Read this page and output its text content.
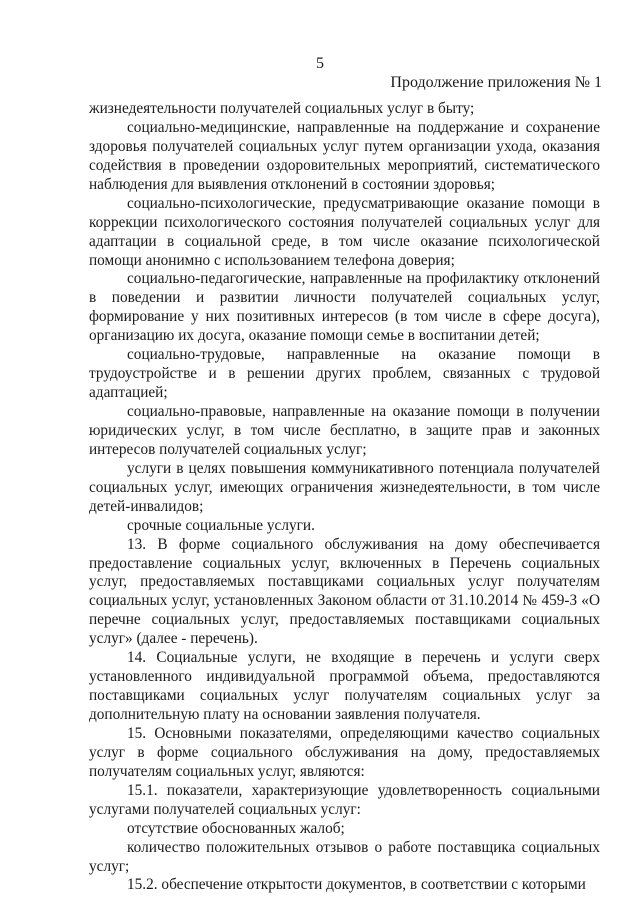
5
Продолжение приложения № 1

жизнедеятельности получателей социальных услуг в быту;

социально-медицинские, направленные на поддержание и сохранение здоровья получателей социальных услуг путем организации ухода, оказания содействия в проведении оздоровительных мероприятий, систематического наблюдения для выявления отклонений в состоянии здоровья;

социально-психологические, предусматривающие оказание помощи в коррекции психологического состояния получателей социальных услуг для адаптации в социальной среде, в том числе оказание психологической помощи анонимно с использованием телефона доверия;

социально-педагогические, направленные на профилактику отклонений в поведении и развитии личности получателей социальных услуг, формирование у них позитивных интересов (в том числе в сфере досуга), организацию их досуга, оказание помощи семье в воспитании детей;

социально-трудовые, направленные на оказание помощи в трудоустройстве и в решении других проблем, связанных с трудовой адаптацией;

социально-правовые, направленные на оказание помощи в получении юридических услуг, в том числе бесплатно, в защите прав и законных интересов получателей социальных услуг;

услуги в целях повышения коммуникативного потенциала получателей социальных услуг, имеющих ограничения жизнедеятельности, в том числе детей-инвалидов;

срочные социальные услуги.

13. В форме социального обслуживания на дому обеспечивается предоставление социальных услуг, включенных в Перечень социальных услуг, предоставляемых поставщиками социальных услуг получателям социальных услуг, установленных Законом области от 31.10.2014 № 459-З «О перечне социальных услуг, предоставляемых поставщиками социальных услуг» (далее - перечень).

14. Социальные услуги, не входящие в перечень и услуги сверх установленного индивидуальной программой объема, предоставляются поставщиками социальных услуг получателям социальных услуг за дополнительную плату на основании заявления получателя.

15. Основными показателями, определяющими качество социальных услуг в форме социального обслуживания на дому, предоставляемых получателям социальных услуг, являются:

15.1. показатели, характеризующие удовлетворенность социальными услугами получателей социальных услуг:

отсутствие обоснованных жалоб;

количество положительных отзывов о работе поставщика социальных услуг;

15.2. обеспечение открытости документов, в соответствии с которыми
